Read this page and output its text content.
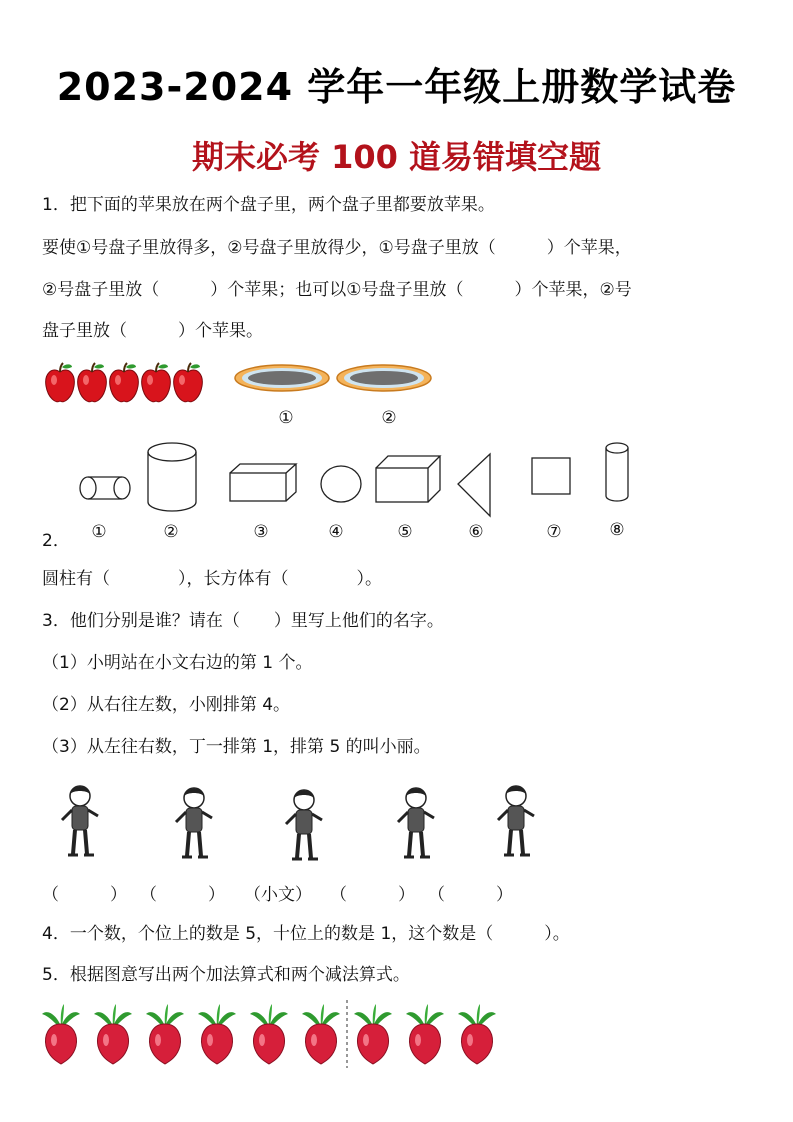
2023-2024 学年一年级上册数学试卷
期末必考 100 道易错填空题
1．把下面的苹果放在两个盘子里，两个盘子里都要放苹果。
要使①号盘子里放得多，②号盘子里放得少，①号盘子里放（　　　）个苹果，
②号盘子里放（　　　）个苹果；也可以①号盘子里放（　　　）个苹果，②号
盘子里放（　　　）个苹果。
①	②
①	②	③	④	⑤	⑥	⑦	⑧
2．
圆柱有（　　　　），长方体有（　　　　）。
3．他们分别是谁？请在（　　）里写上他们的名字。
（1）小明站在小文右边的第 1 个。
（2）从右往左数，小刚排第 4。
（3）从左往右数，丁一排第 1，排第 5 的叫小丽。
（　　　） （　　　） （小文） （　　　） （　　　）
4．一个数，个位上的数是 5，十位上的数是 1，这个数是（　　　）。
5．根据图意写出两个加法算式和两个减法算式。
